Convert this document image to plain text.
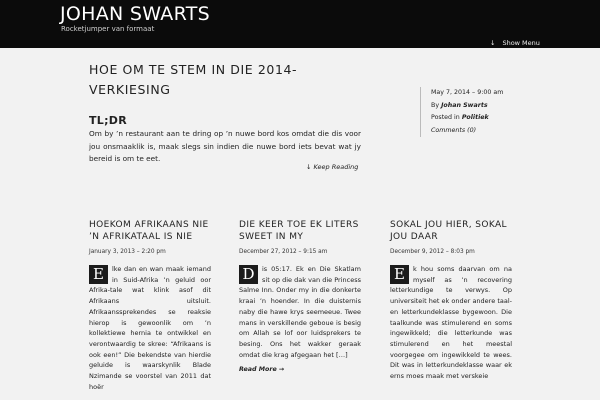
JOHAN SWARTS
Rocketjumper van formaat
↓ Show Menu
HOE OM TE STEM IN DIE 2014-VERKIESING
TL;DR
Om by ’n restaurant aan te dring op ’n nuwe bord kos omdat die dis voor jou onsmaaklik is, maak slegs sin indien die nuwe bord iets bevat wat jy bereid is om te eet.
↓ Keep Reading
May 7, 2014 – 9:00 am
By Johan Swarts
Posted in Politiek
Comments (0)
HOEKOM AFRIKAANS NIE ’N AFRIKATAAL IS NIE
January 3, 2013 – 2:20 pm
E	lke dan en wan maak iemand in Suid-Afrika ’n geluid oor Afrika-tale wat klink asof dit Afrikaans uitsluit. Afrikaanssprekendes se reaksie hierop is gewoonlik om ’n kollektiewe hernia te ontwikkel en verontwaardig te skree: “Afrikaans is ook een!” Die bekendste van hierdie geluide is waarskynlik Blade Nzimande se voorstel van 2011 dat hoër
DIE KEER TOE EK LITERS SWEET IN MY
December 27, 2012 – 9:15 am
D	is 05:17. Ek en Die Skatlam sit op die dak van die Princess Salme Inn. Onder my in die donkerte kraai ’n hoender. In die duisternis naby die hawe krys seemeeue. Twee mans in verskillende geboue is besig om Allah se lof oor luidsprekers te besing. Ons het wakker geraak omdat die krag afgegaan het […]
Read More →
SOKAL JOU HIER, SOKAL JOU DAAR
December 9, 2012 – 8:03 pm
E	k hou soms daarvan om na myself as ’n recovering letterkundige te verwys. Op universiteit het ek onder andere taal- en letterkundeklasse bygewoon. Die taalkunde was stimulerend en soms ingewikkeld; die letterkunde was stimulerend en het meestal voorgegee om ingewikkeld te wees. Dit was in letterkundeklasse waar ek erns moes maak met verskeie
